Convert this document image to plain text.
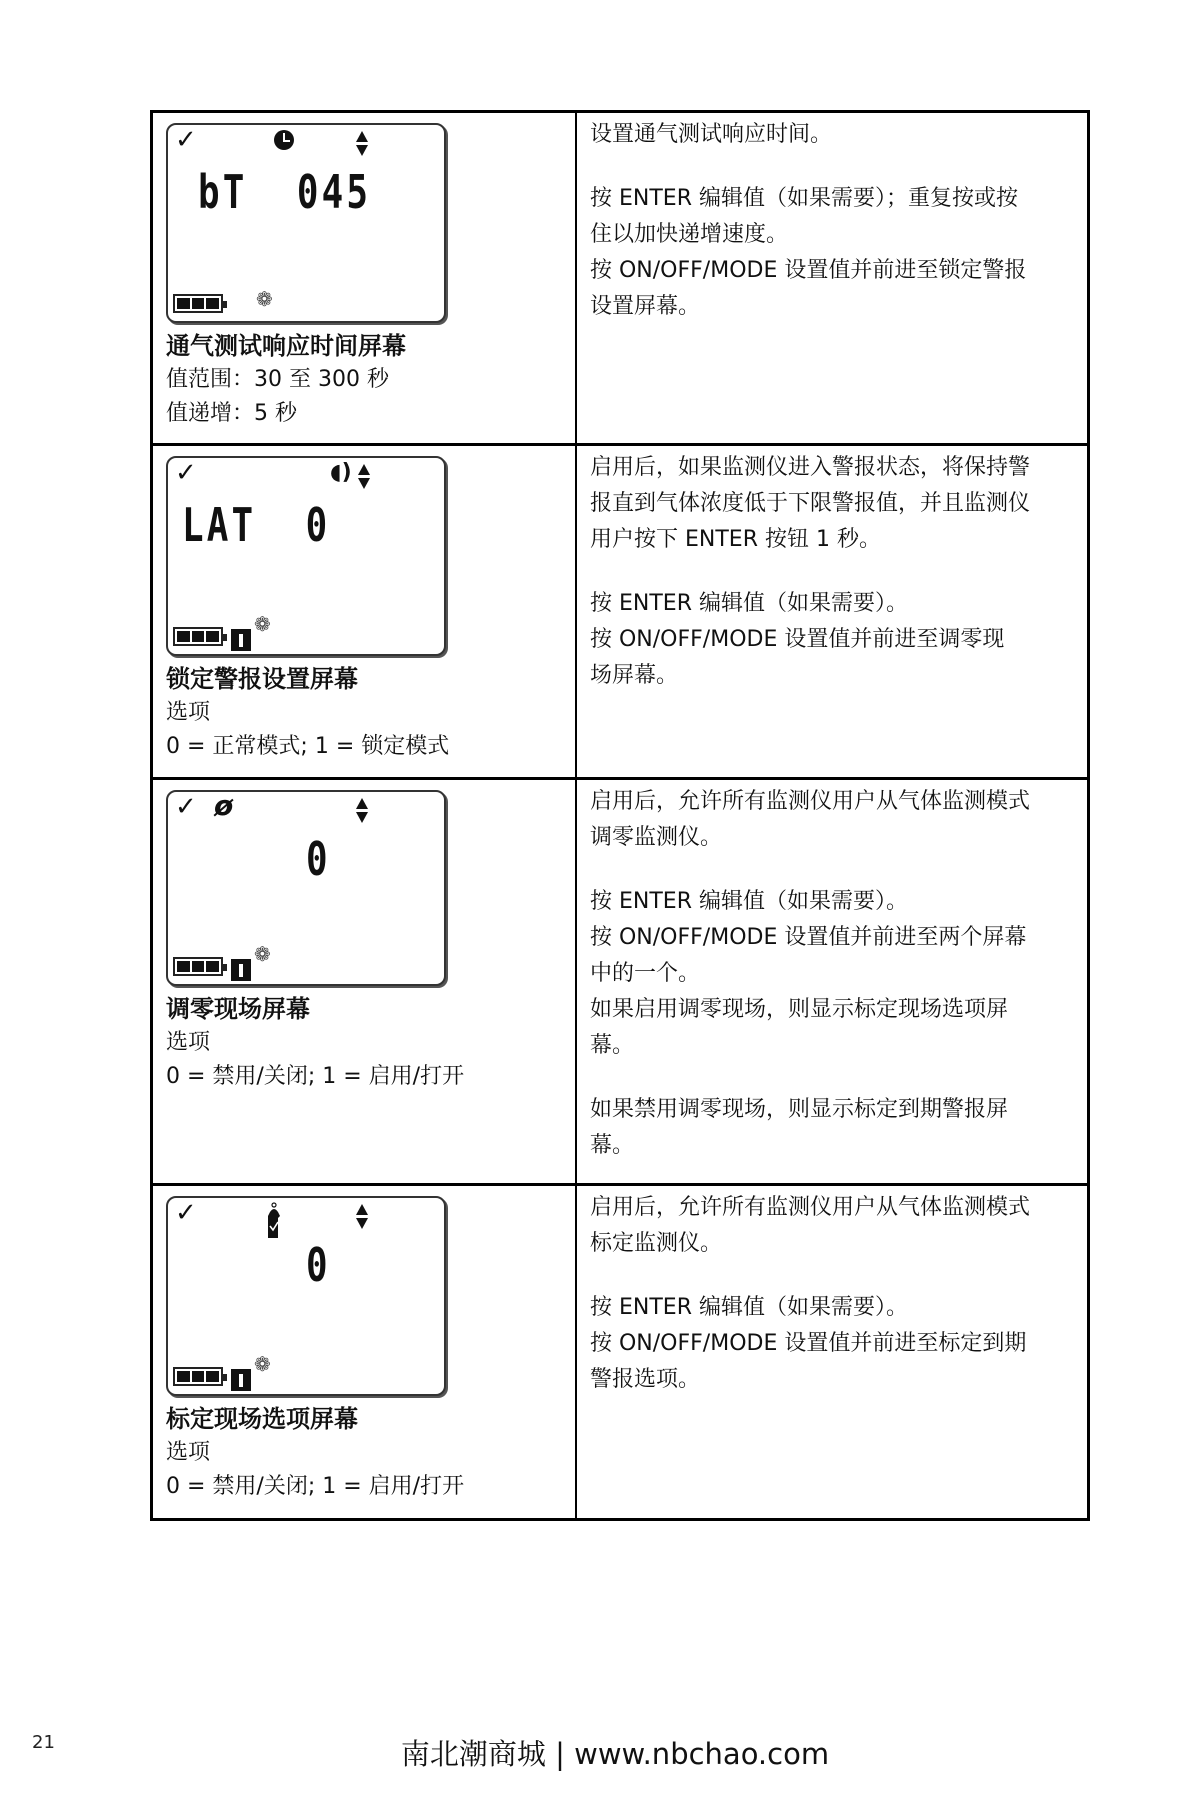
✓
bT  045
❁
通气测试响应时间屏幕
值范围：30 至 300 秒
值递增：5 秒

设置通气测试响应时间。

按 ENTER 编辑值（如果需要）；重复按或按

住以加快递增速度。

按 ON/OFF/MODE 设置值并前进至锁定警报

设置屏幕。

✓	◖)
LAT  0
❁
锁定警报设置屏幕
选项
0 = 正常模式; 1 = 锁定模式

启用后，如果监测仪进入警报状态，将保持警

报直到气体浓度低于下限警报值，并且监测仪

用户按下 ENTER 按钮 1 秒。

按 ENTER 编辑值（如果需要）。

按 ON/OFF/MODE 设置值并前进至调零现

场屏幕。

✓ ø
0
❁
调零现场屏幕
选项
0 = 禁用/关闭; 1 = 启用/打开

启用后，允许所有监测仪用户从气体监测模式

调零监测仪。

按 ENTER 编辑值（如果需要）。

按 ON/OFF/MODE 设置值并前进至两个屏幕

中的一个。

如果启用调零现场，则显示标定现场选项屏

幕。

如果禁用调零现场，则显示标定到期警报屏

幕。

✓
0
❁
标定现场选项屏幕
选项
0 = 禁用/关闭; 1 = 启用/打开

启用后，允许所有监测仪用户从气体监测模式

标定监测仪。

按 ENTER 编辑值（如果需要）。

按 ON/OFF/MODE 设置值并前进至标定到期

警报选项。

21	南北潮商城 | www.nbchao.com
